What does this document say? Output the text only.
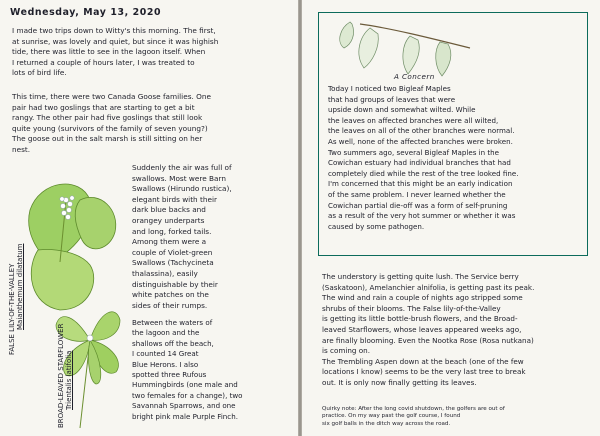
Wednesday, May 13, 2020
I made two trips down to Witty's this morning. The first,
at sunrise, was lovely and quiet, but since it was highish
tide, there was little to see in the lagoon itself. When
I returned a couple of hours later, I was treated to
lots of bird life.
This time, there were two Canada Goose families. One
pair had two goslings that are starting to get a bit
rangy. The other pair had five goslings that still look
quite young (survivors of the family of seven young?)
The goose out in the salt marsh is still sitting on her
nest.
Suddenly the air was full of
swallows. Most were Barn
Swallows (Hirundo rustica),
elegant birds with their
dark blue backs and
orangey underparts
and long, forked tails.
Among them were a
couple of Violet-green
Swallows (Tachycineta
thalassina), easily
distinguishable by their
white patches on the
sides of their rumps.
Between the waters of
the lagoon and the
shallows off the beach,
I counted 14 Great
Blue Herons. I also
spotted three Rufous
Hummingbirds (one male and
two females for a change), two
Savannah Sparrows, and one
bright pink male Purple Finch.
FALSE LILY-OF-THE-VALLEY Maianthemum dilatatum
BROAD-LEAVED STARFLOWER Trientalis latifolia
A Concern
Today I noticed two Bigleaf Maples
that had groups of leaves that were
upside down and somewhat wilted. While
the leaves on affected branches were all wilted,
the leaves on all of the other branches were normal.
As well, none of the affected branches were broken.
Two summers ago, several Bigleaf Maples in the
Cowichan estuary had individual branches that had
completely died while the rest of the tree looked fine.
I'm concerned that this might be an early indication
of the same problem. I never learned whether the
Cowichan partial die-off was a form of self-pruning
as a result of the very hot summer or whether it was
caused by some pathogen.
The understory is getting quite lush. The Service berry
(Saskatoon), Amelanchier alnifolia, is getting past its peak.
The wind and rain a couple of nights ago stripped some
shrubs of their blooms. The False lily-of-the-Valley
is getting its little bottle-brush flowers, and the Broad-
leaved Starflowers, whose leaves appeared weeks ago,
are finally blooming. Even the Nootka Rose (Rosa nutkana)
is coming on.
The Trembling Aspen down at the beach (one of the few
locations I know) seems to be the very last tree to break
out. It is only now finally getting its leaves.
Quirky note: After the long covid shutdown, the golfers are out of
practice. On my way past the golf course, I found
six golf balls in the ditch way across the road.
